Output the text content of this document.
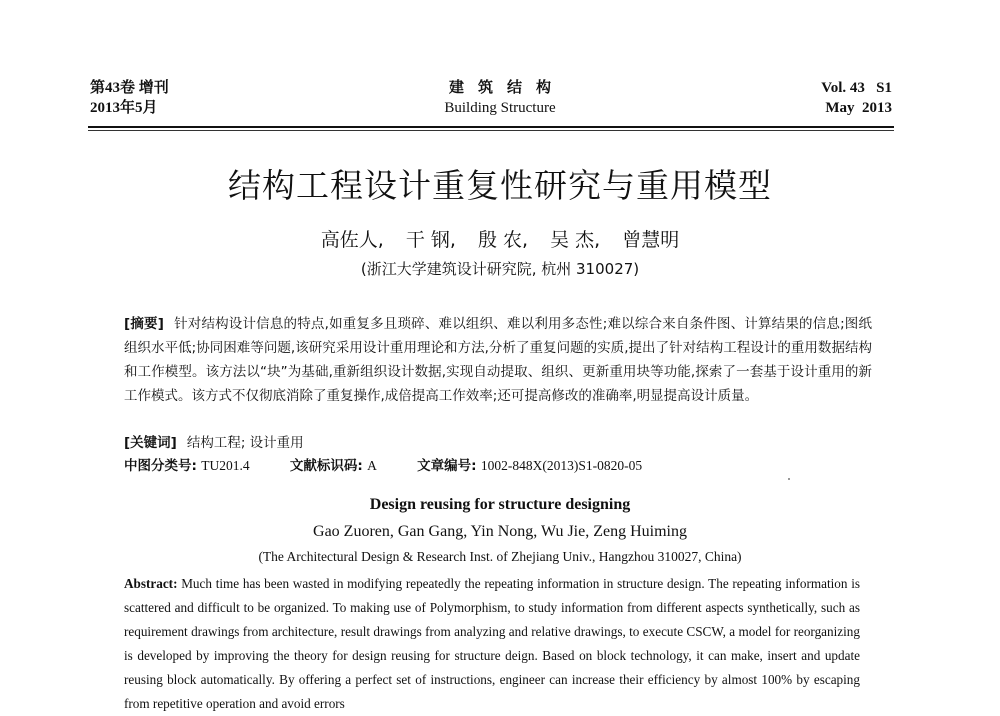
第43卷 增刊
2013年5月
建筑结构
Building Structure
Vol. 43   S1
May  2013
结构工程设计重复性研究与重用模型
高佐人, 干 钢, 殷 农, 吴 杰, 曾慧明
(浙江大学建筑设计研究院, 杭州 310027)
[摘要] 针对结构设计信息的特点,如重复多且琐碎、难以组织、难以利用多态性;难以综合来自条件图、计算结果的信息;图纸组织水平低;协同困难等问题,该研究采用设计重用理论和方法,分析了重复问题的实质,提出了针对结构工程设计的重用数据结构和工作模型。该方法以“块”为基础,重新组织设计数据,实现自动提取、组织、更新重用块等功能,探索了一套基于设计重用的新工作模式。该方式不仅彻底消除了重复操作,成倍提高工作效率;还可提高修改的准确率,明显提高设计质量。
[关键词] 结构工程; 设计重用
中图分类号: TU201.4	文献标识码: A	文章编号: 1002-848X(2013)S1-0820-05
Design reusing for structure designing
Gao Zuoren, Gan Gang, Yin Nong, Wu Jie, Zeng Huiming
(The Architectural Design & Research Inst. of Zhejiang Univ., Hangzhou 310027, China)
Abstract: Much time has been wasted in modifying repeatedly the repeating information in structure design. The repeating information is scattered and difficult to be organized. To making use of Polymorphism, to study information from different aspects synthetically, such as requirement drawings from architecture, result drawings from analyzing and relative drawings, to execute CSCW, a model for reorganizing is developed by improving the theory for design reusing for structure deign. Based on block technology, it can make, insert and update reusing block automatically. By offering a perfect set of instructions, engineer can increase their efficiency by almost 100% by escaping from repetitive operation and avoid errors
